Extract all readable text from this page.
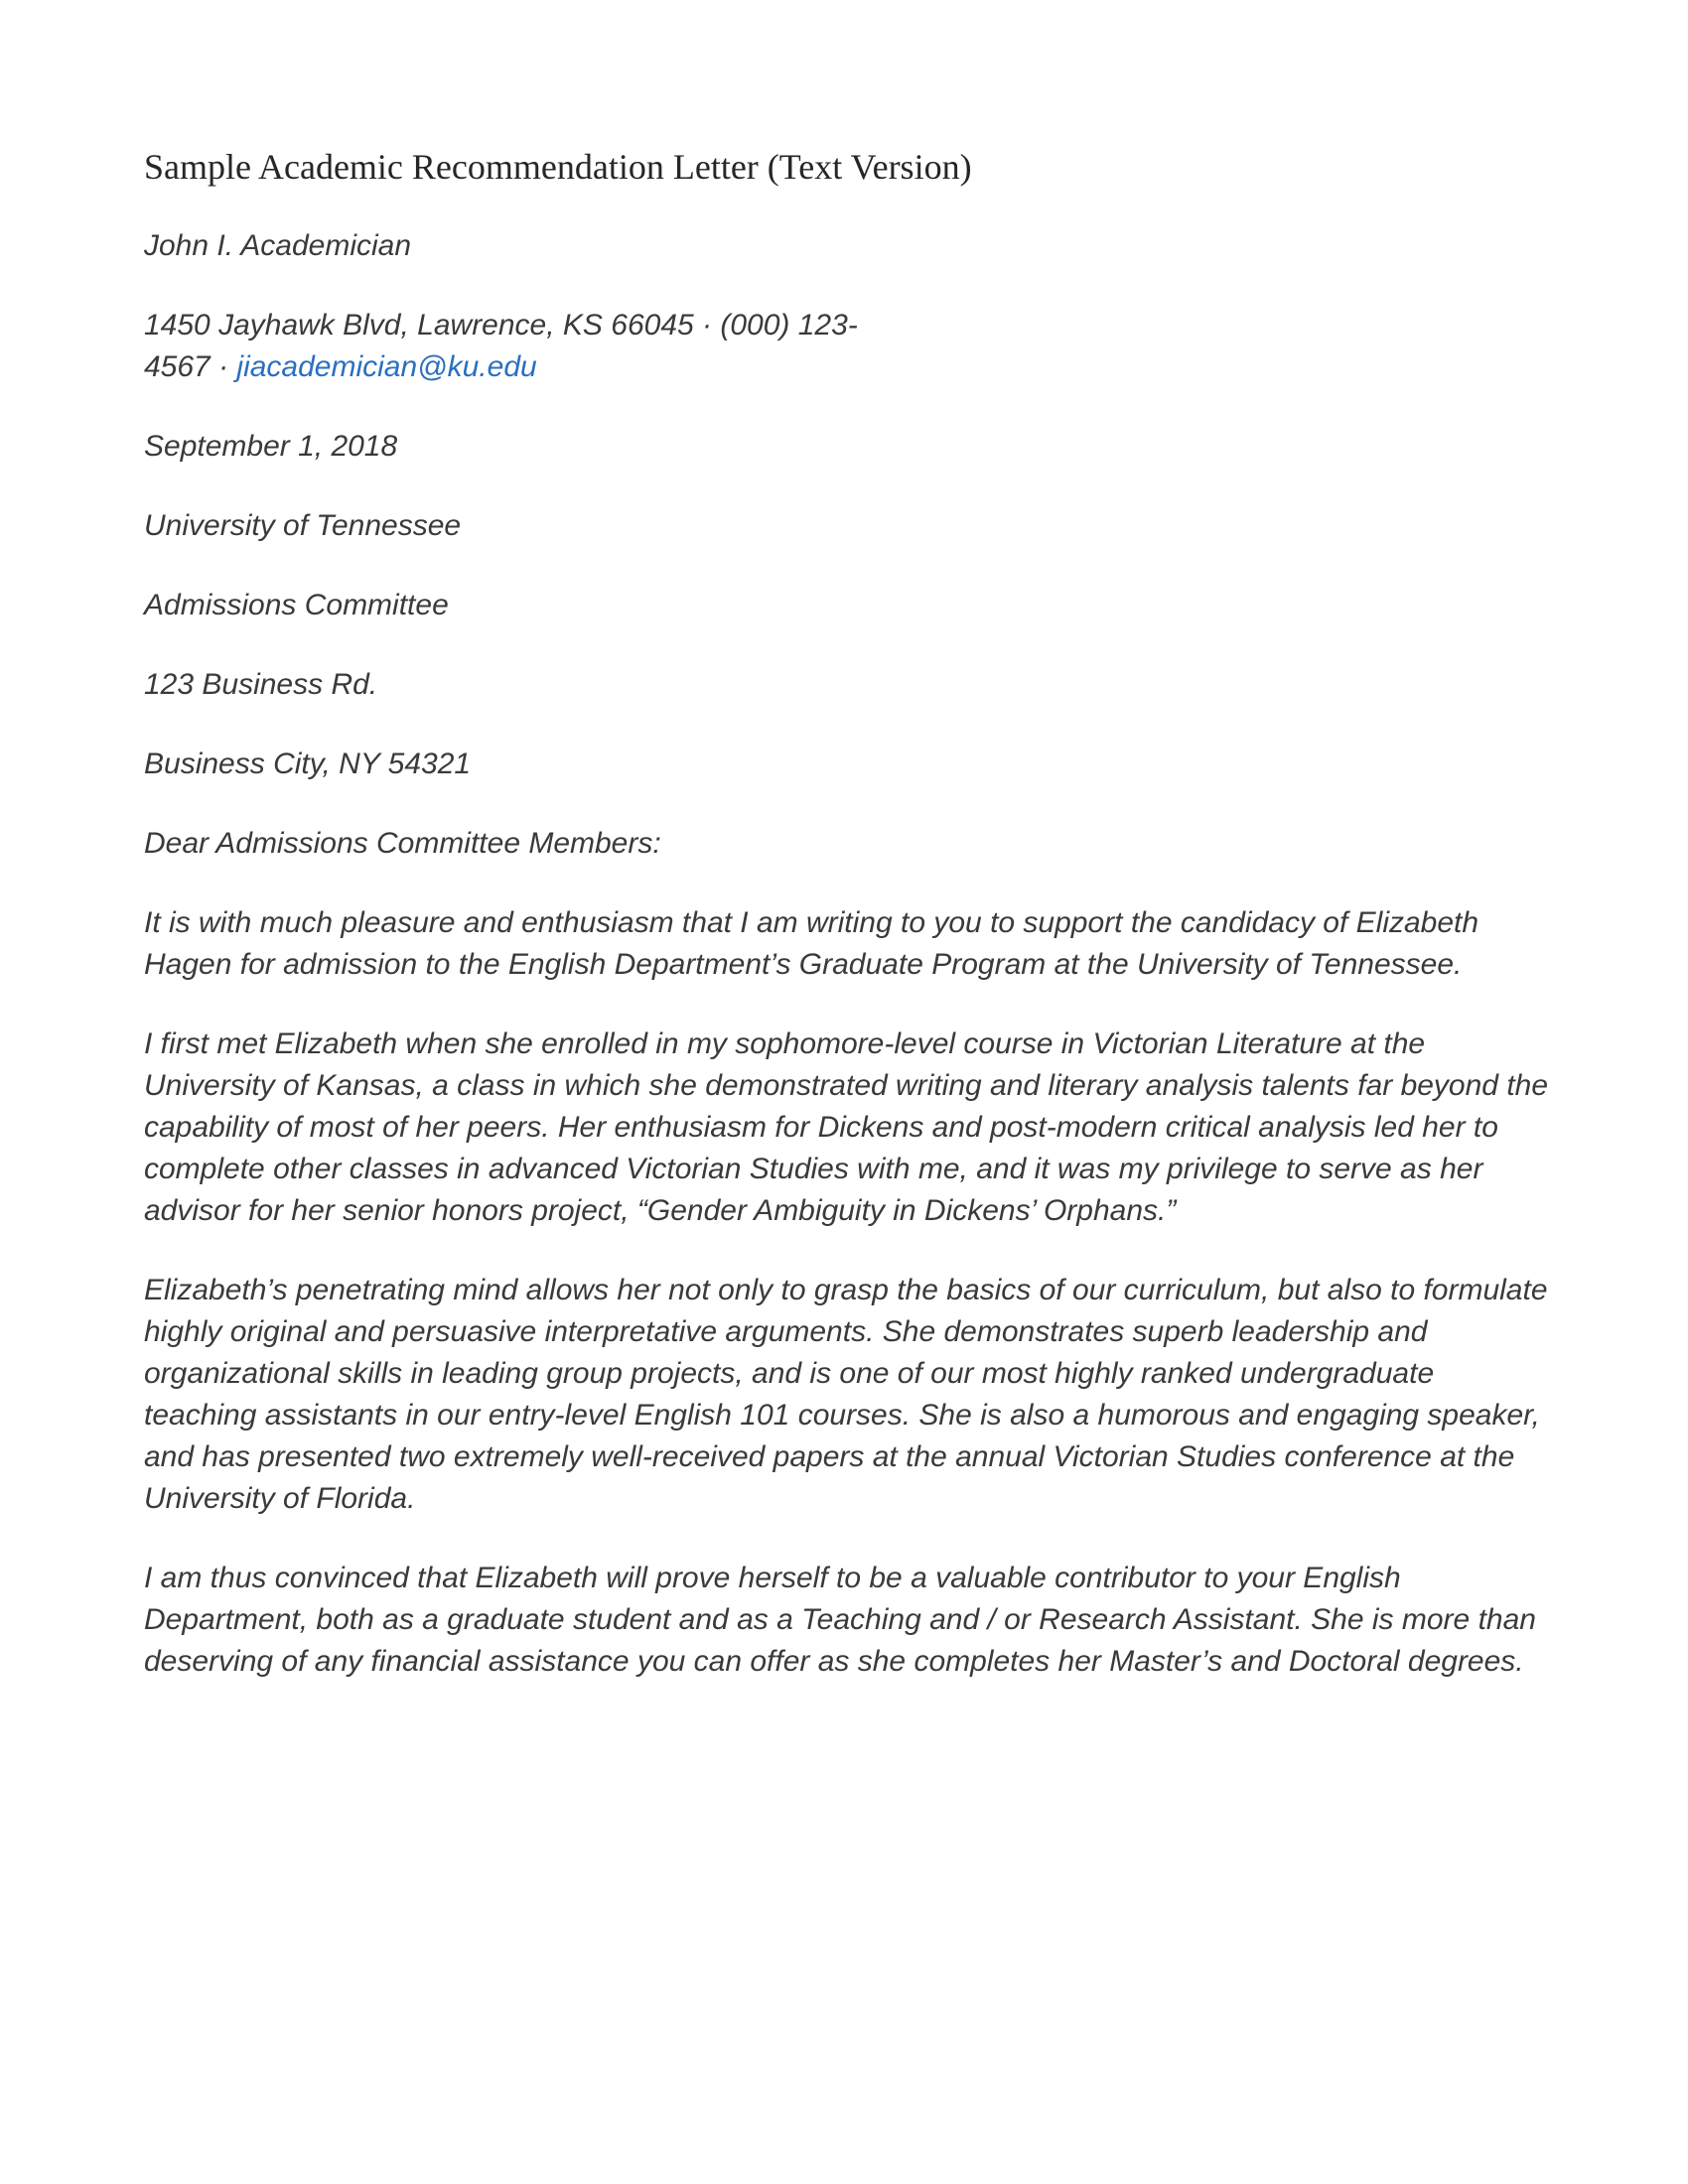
Sample Academic Recommendation Letter (Text Version)

John I. Academician

1450 Jayhawk Blvd, Lawrence, KS 66045 · (000) 123-
4567 · jiacademician@ku.edu

September 1, 2018

University of Tennessee

Admissions Committee

123 Business Rd.

Business City, NY 54321

Dear Admissions Committee Members:

It is with much pleasure and enthusiasm that I am writing to you to support the candidacy of Elizabeth Hagen for admission to the English Department’s Graduate Program at the University of Tennessee.

I first met Elizabeth when she enrolled in my sophomore-level course in Victorian Literature at the University of Kansas, a class in which she demonstrated writing and literary analysis talents far beyond the capability of most of her peers. Her enthusiasm for Dickens and post-modern critical analysis led her to complete other classes in advanced Victorian Studies with me, and it was my privilege to serve as her advisor for her senior honors project, “Gender Ambiguity in Dickens’ Orphans.”

Elizabeth’s penetrating mind allows her not only to grasp the basics of our curriculum, but also to formulate highly original and persuasive interpretative arguments. She demonstrates superb leadership and organizational skills in leading group projects, and is one of our most highly ranked undergraduate teaching assistants in our entry-level English 101 courses. She is also a humorous and engaging speaker, and has presented two extremely well-received papers at the annual Victorian Studies conference at the University of Florida.

I am thus convinced that Elizabeth will prove herself to be a valuable contributor to your English Department, both as a graduate student and as a Teaching and / or Research Assistant. She is more than deserving of any financial assistance you can offer as she completes her Master’s and Doctoral degrees.
